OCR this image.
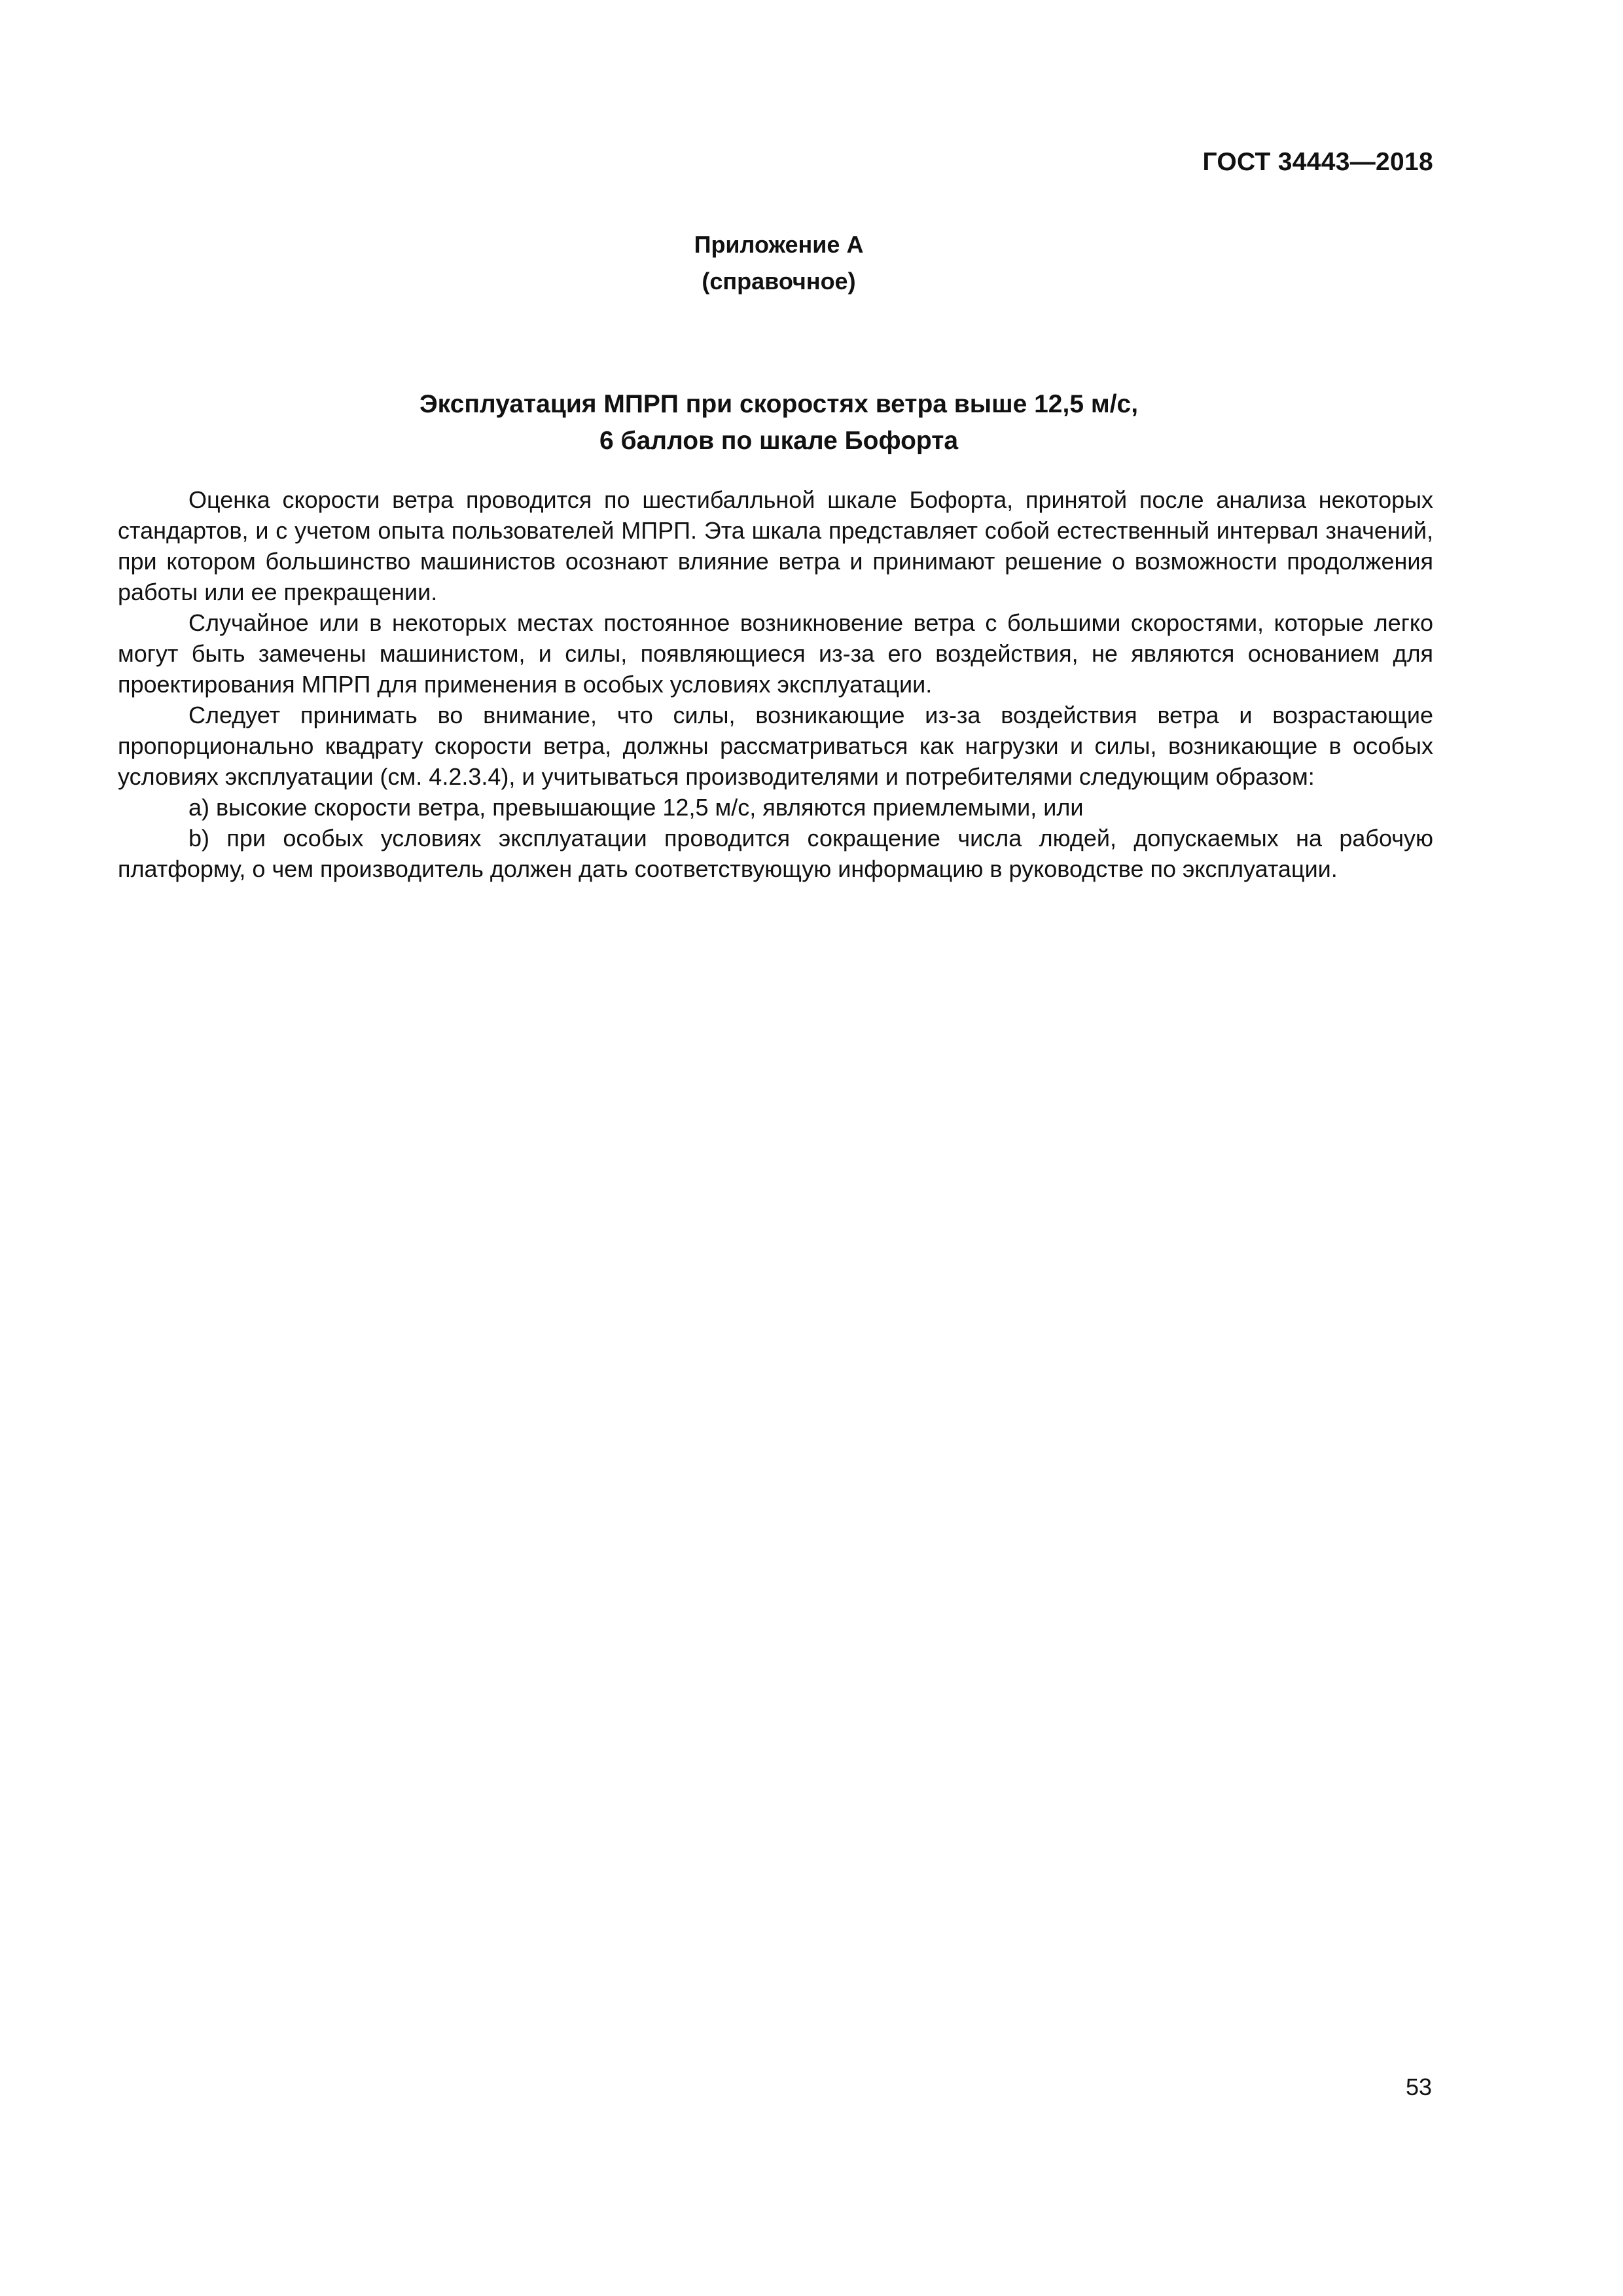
ГОСТ 34443—2018
Приложение А
(справочное)
Эксплуатация МПРП при скоростях ветра выше 12,5 м/с,
6 баллов по шкале Бофорта

Оценка скорости ветра проводится по шестибалльной шкале Бофорта, принятой после анализа некоторых стандартов, и с учетом опыта пользователей МПРП. Эта шкала представляет собой естественный интервал значений, при котором большинство машинистов осознают влияние ветра и принимают решение о возможности продолжения работы или ее прекращении.

Случайное или в некоторых местах постоянное возникновение ветра с большими скоростями, которые легко могут быть замечены машинистом, и силы, появляющиеся из-за его воздействия, не являются основанием для проектирования МПРП для применения в особых условиях эксплуатации.

Следует принимать во внимание, что силы, возникающие из-за воздействия ветра и возрастающие пропорционально квадрату скорости ветра, должны рассматриваться как нагрузки и силы, возникающие в особых условиях эксплуатации (см. 4.2.3.4), и учитываться производителями и потребителями следующим образом:

а) высокие скорости ветра, превышающие 12,5 м/с, являются приемлемыми, или

b) при особых условиях эксплуатации проводится сокращение числа людей, допускаемых на рабочую платформу, о чем производитель должен дать соответствующую информацию в руководстве по эксплуатации.

53
